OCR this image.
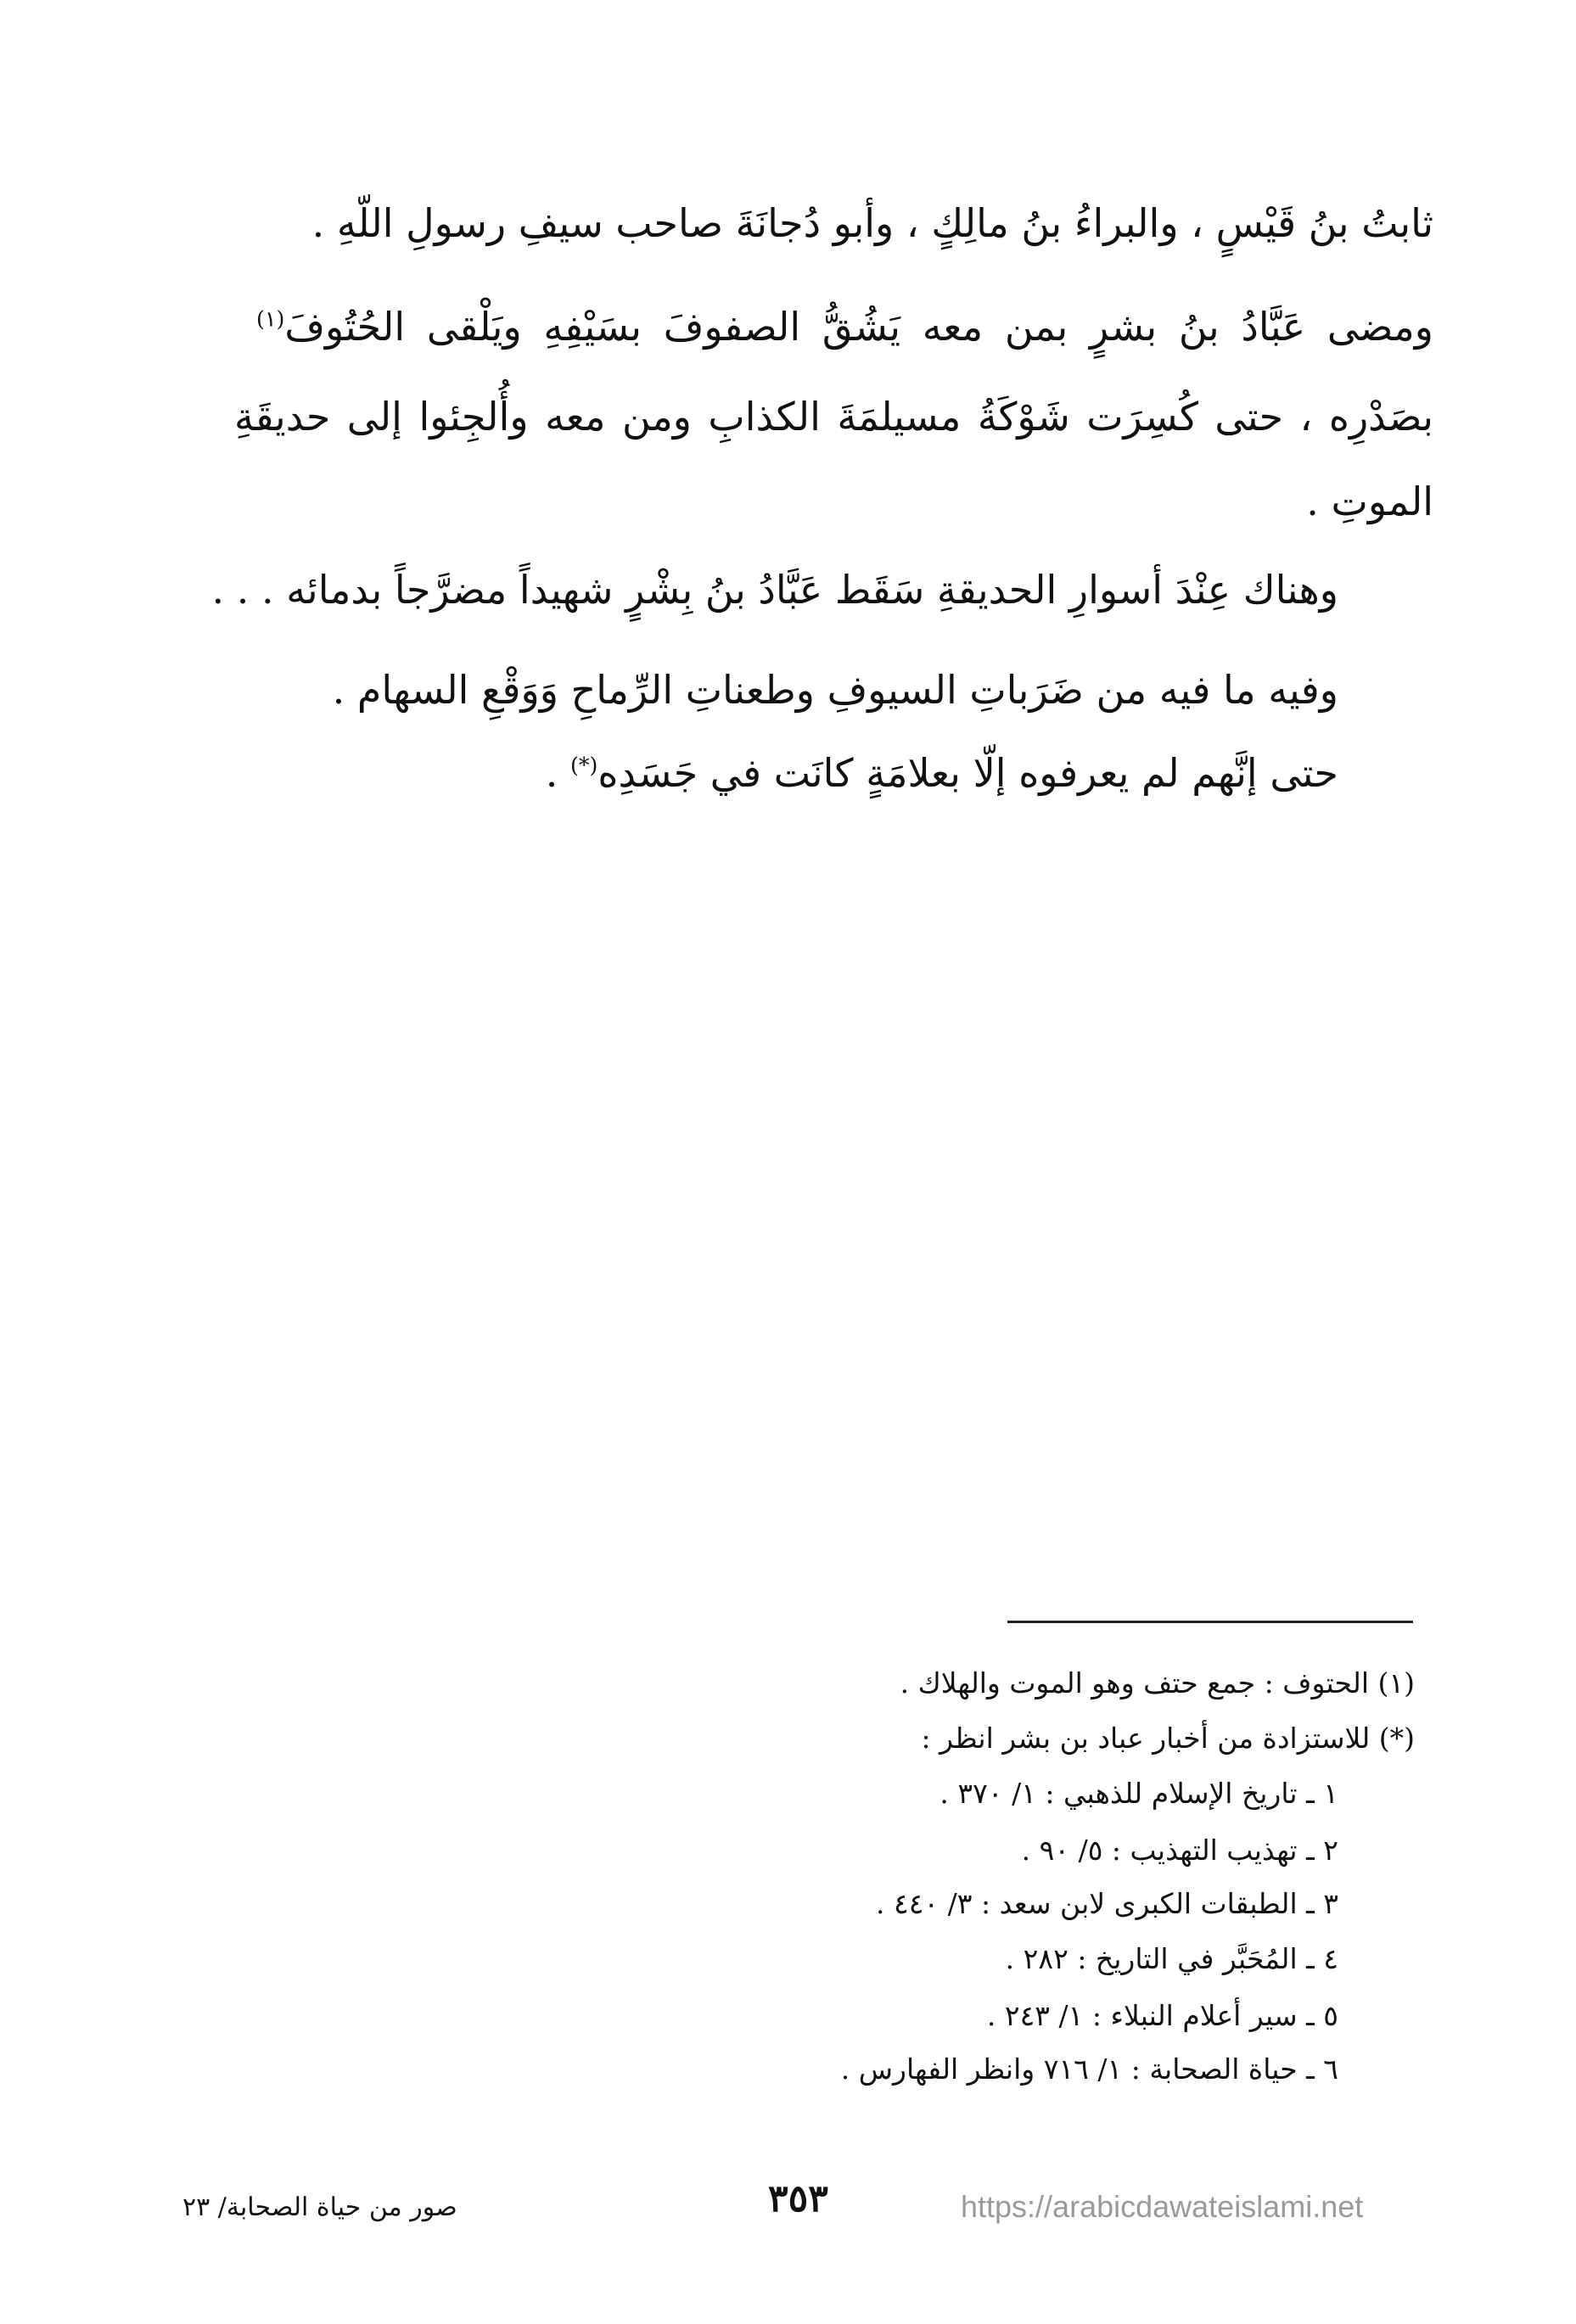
ثابتُ بنُ قَيْسٍ ، والبراءُ بنُ مالِكٍ ، وأبو دُجانَةَ صاحب سيفِ رسولِ اللّهِ .

ومضى عَبَّادُ بنُ بشرٍ بمن معه يَشُقُّ الصفوفَ بسَيْفِهِ ويَلْقى الحُتُوفَ$^{(١)}$

بصَدْرِه ، حتى كُسِرَت شَوْكَةُ مسيلمَةَ الكذابِ ومن معه وأُلجِئوا إلى حديقَةِ

الموتِ .

وهناك عِنْدَ أسوارِ الحديقةِ سَقَط عَبَّادُ بنُ بِشْرٍ شهيداً مضرَّجاً بدمائه . . .

وفيه ما فيه من ضَرَباتِ السيوفِ وطعناتِ الرِّماحِ وَوَقْعِ السهام .

حتى إنَّهم لم يعرفوه إلّا بعلامَةٍ كانَت في جَسَدِه(*) .

(١) الحتوف : جمع حتف وهو الموت والهلاك .

(*) للاستزادة من أخبار عباد بن بشر انظر :

١ ـ تاريخ الإسلام للذهبي : ١/ ٣٧٠ .

٢ ـ تهذيب التهذيب : ٥/ ٩٠ .

٣ ـ الطبقات الكبرى لابن سعد : ٣/ ٤٤٠ .

٤ ـ المُحَبَّر في التاريخ : ٢٨٢ .

٥ ـ سير أعلام النبلاء : ١/ ٢٤٣ .

٦ ـ حياة الصحابة : ١/ ٧١٦ وانظر الفهارس .

https://arabicdawateislami.net
٣٥٣
صور من حياة الصحابة/ ٢٣
